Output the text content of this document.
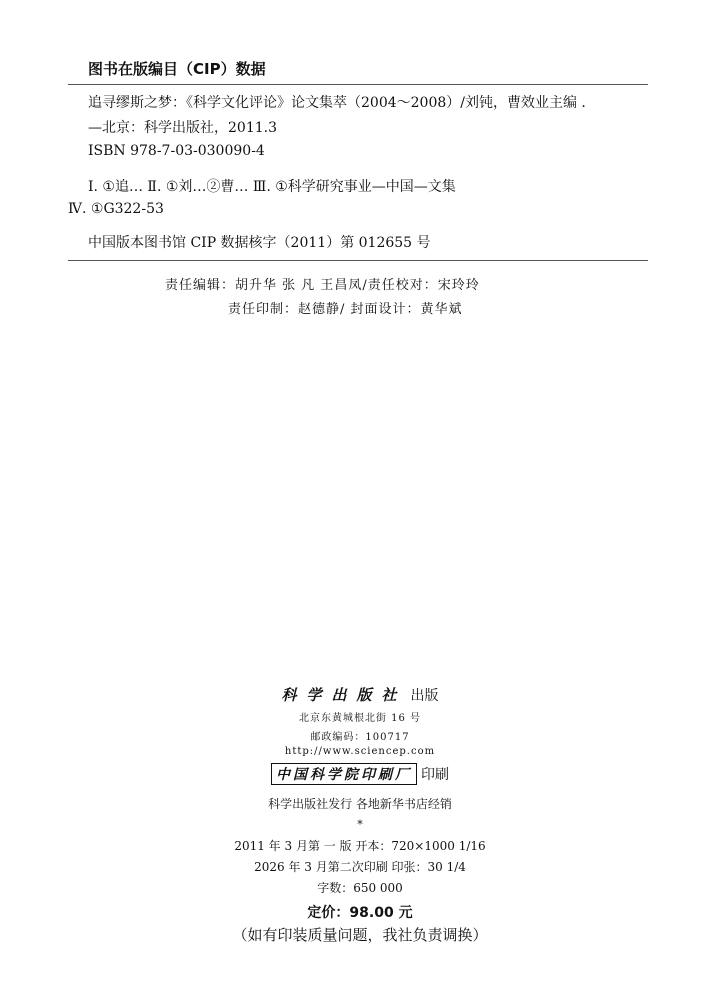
图书在版编目（CIP）数据
追寻缪斯之梦：《科学文化评论》论文集萃（2004～2008）/刘钝，曹效业主编 .
—北京：科学出版社，2011.3
ISBN 978-7-03-030090-4
Ⅰ. ①追… Ⅱ. ①刘…②曹… Ⅲ. ①科学研究事业—中国—文集
Ⅳ. ①G322-53
中国版本图书馆 CIP 数据核字（2011）第 012655 号
责任编辑：胡升华 张 凡 王昌凤/责任校对：宋玲玲
责任印制：赵德静/ 封面设计：黄华斌
科学出版社 出版
北京东黄城根北街 16 号
邮政编码：100717
http://www.sciencep.com
中国科学院印刷厂 印刷
科学出版社发行 各地新华书店经销
*
2011 年 3 月第 一 版 开本：720×1000 1/16
2026 年 3 月第二次印刷 印张：30 1/4
字数：650 000
定价：98.00 元
（如有印装质量问题，我社负责调换）
